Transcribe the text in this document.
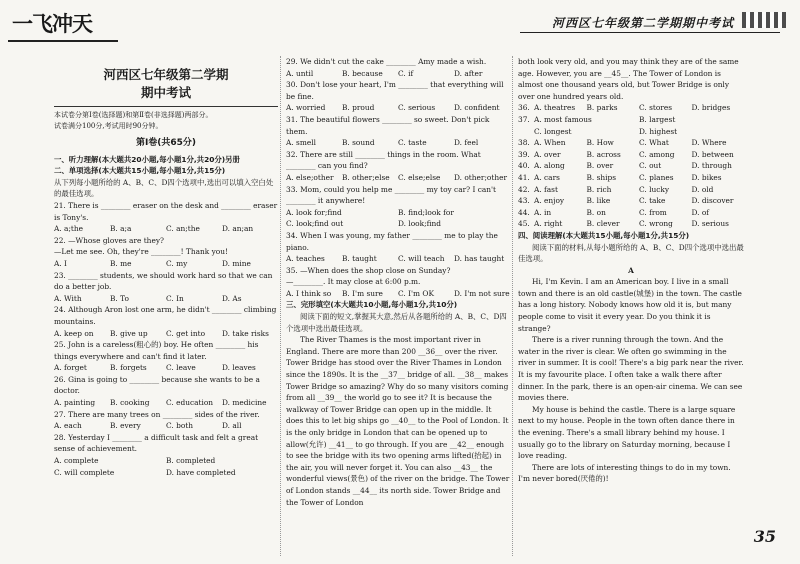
一飞冲天	河西区七年级第二学期期中考试
河西区七年级第二学期
期中考试
本试卷分第Ⅰ卷(选择题)和第Ⅱ卷(非选择题)两部分。
试卷满分100分,考试用时90分钟。
第Ⅰ卷(共65分)
一、听力理解(本大题共20小题,每小题1分,共20分)另册
二、单项选择(本大题共15小题,每小题1分,共15分)
从下列每小题所给的 A、B、C、D四个选项中,选出可以填入空白处的最佳选项。
21. There is ________ eraser on the desk and ________ eraser is Tony's.
A. a;the	B. a;a	C. an;the	D. an;an
22. —Whose gloves are they?
—Let me see. Oh, they're ________! Thank you!
A. I	B. me	C. my	D. mine
23. ________ students, we should work hard so that we can do a better job.
A. With	B. To	C. In	D. As
24. Although Aron lost one arm, he didn't ________ climbing mountains.
A. keep on	B. give up	C. get into	D. take risks
25. John is a careless(粗心的) boy. He often ________ his things everywhere and can't find it later.
A. forget	B. forgets	C. leave	D. leaves
26. Gina is going to ________ because she wants to be a doctor.
A. painting	B. cooking	C. education	D. medicine
27. There are many trees on ________ sides of the river.
A. each	B. every	C. both	D. all
28. Yesterday I ________ a difficult task and felt a great sense of achievement.
A. complete	B. completed
C. will complete	D. have completed
29. We didn't cut the cake ________ Amy made a wish.
A. until	B. because	C. if	D. after
30. Don't lose your heart, I'm ________ that everything will be fine.
A. worried	B. proud	C. serious	D. confident
31. The beautiful flowers ________ so sweet. Don't pick them.
A. smell	B. sound	C. taste	D. feel
32. There are still ________ things in the room. What ________ can you find?
A. else;other	B. other;else	C. else;else	D. other;other
33. Mom, could you help me ________ my toy car? I can't ________ it anywhere!
A. look for;find	B. find;look for
C. look;find out	D. look;find
34. When I was young, my father ________ me to play the piano.
A. teaches	B. taught	C. will teach	D. has taught
35. —When does the shop close on Sunday?
—________. It may close at 6:00 p.m.
A. I think so	B. I'm sure	C. I'm OK	D. I'm not sure
三、完形填空(本大题共10小题,每小题1分,共10分)
阅读下面的短文,掌握其大意,然后从各题所给的 A、B、C、D四个选项中选出最佳选项。
The River Thames is the most important river in England. There are more than 200 __36__ over the river. Tower Bridge has stood over the River Thames in London since the 1890s. It is the __37__ bridge of all. __38__ makes Tower Bridge so amazing? Why do so many visitors coming from all __39__ the world go to see it? It is because the walkway of Tower Bridge can open up in the middle. It does this to let big ships go __40__ to the Pool of London. It is the only bridge in London that can be opened up to allow(允许) __41__ to go through. If you are __42__ enough to see the bridge with its two opening arms lifted(抬起) in the air, you will never forget it. You can also __43__ the wonderful views(景色) of the river on the bridge. The Tower of London stands __44__ its north side. Tower Bridge and the Tower of London
both look very old, and you may think they are of the same age. However, you are __45__. The Tower of London is almost one thousand years old, but Tower Bridge is only over one hundred years old.
36. A. theatres	B. parks	C. stores	D. bridges
37. A. most famous	B. largest
C. longest	D. highest
38. A. When	B. How	C. What	D. Where
39. A. over	B. across	C. among	D. between
40. A. along	B. over	C. out	D. through
41. A. cars	B. ships	C. planes	D. bikes
42. A. fast	B. rich	C. lucky	D. old
43. A. enjoy	B. like	C. take	D. discover
44. A. in	B. on	C. from	D. of
45. A. right	B. clever	C. wrong	D. serious
四、阅读理解(本大题共15小题,每小题1分,共15分)
阅读下面的材料,从每小题所给的 A、B、C、D四个选项中选出最佳选项。
A
Hi, I'm Kevin. I am an American boy. I live in a small town and there is an old castle(城堡) in the town. The castle has a long history. Nobody knows how old it is, but many people come to visit it every year. Do you think it is strange?
There is a river running through the town. And the water in the river is clear. We often go swimming in the river in summer. It is cool! There's a big park near the river. It is my favourite place. I often take a walk there after dinner. In the park, there is an open-air cinema. We can see movies there.
My house is behind the castle. There is a large square next to my house. People in the town often dance there in the evening. There's a small library behind my house. I usually go to the library on Saturday morning, because I love reading.
There are lots of interesting things to do in my town. I'm never bored(厌倦的)!
35
